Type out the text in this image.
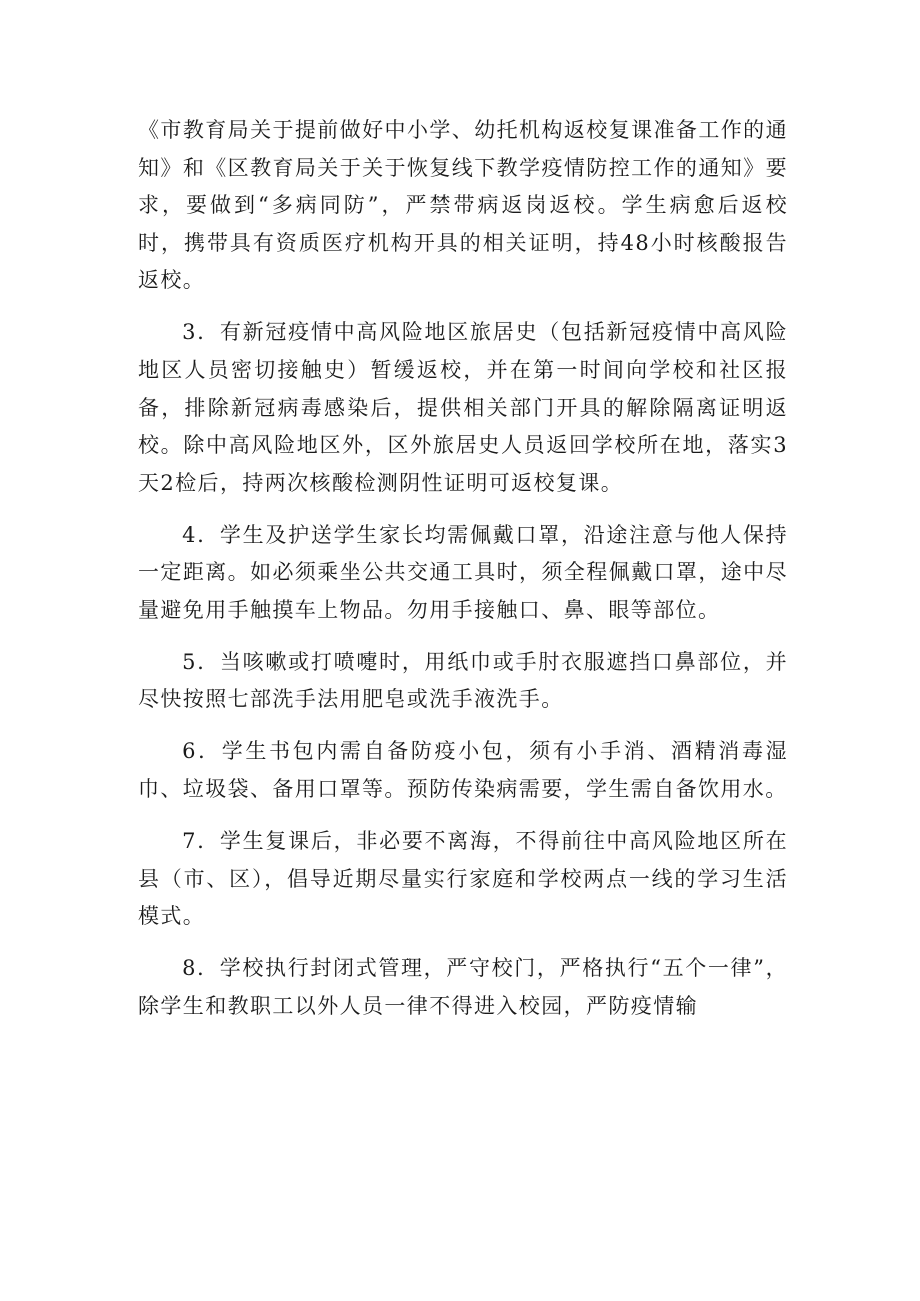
《市教育局关于提前做好中小学、幼托机构返校复课准备工作的通知》和《区教育局关于关于恢复线下教学疫情防控工作的通知》要求，要做到“多病同防”，严禁带病返岗返校。学生病愈后返校时，携带具有资质医疗机构开具的相关证明，持48小时核酸报告返校。

3．有新冠疫情中高风险地区旅居史（包括新冠疫情中高风险地区人员密切接触史）暂缓返校，并在第一时间向学校和社区报备，排除新冠病毒感染后，提供相关部门开具的解除隔离证明返校。除中高风险地区外，区外旅居史人员返回学校所在地，落实3天2检后，持两次核酸检测阴性证明可返校复课。

4．学生及护送学生家长均需佩戴口罩，沿途注意与他人保持一定距离。如必须乘坐公共交通工具时，须全程佩戴口罩，途中尽量避免用手触摸车上物品。勿用手接触口、鼻、眼等部位。

5．当咳嗽或打喷嚏时，用纸巾或手肘衣服遮挡口鼻部位，并尽快按照七部洗手法用肥皂或洗手液洗手。

6．学生书包内需自备防疫小包，须有小手消、酒精消毒湿巾、垃圾袋、备用口罩等。预防传染病需要，学生需自备饮用水。

7．学生复课后，非必要不离海，不得前往中高风险地区所在县（市、区），倡导近期尽量实行家庭和学校两点一线的学习生活模式。

8．学校执行封闭式管理，严守校门，严格执行“五个一律”，除学生和教职工以外人员一律不得进入校园，严防疫情输
